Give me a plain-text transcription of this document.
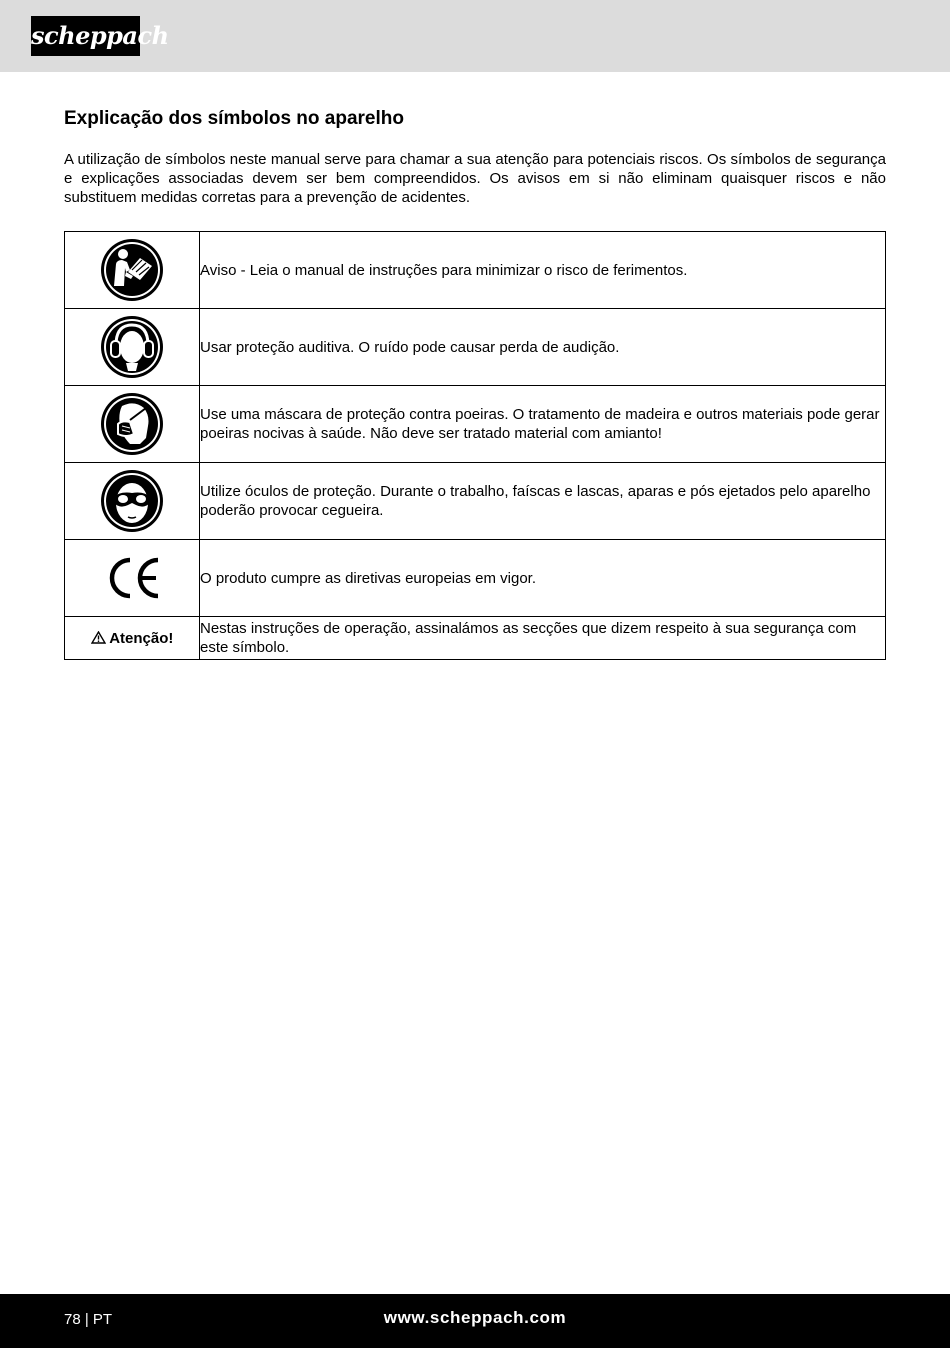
scheppach
Explicação dos símbolos no aparelho

A utilização de símbolos neste manual serve para chamar a sua atenção para potenciais riscos. Os símbolos de segurança e explicações associadas devem ser bem compreendidos. Os avisos em si não eliminam quaisquer riscos e não substituem medidas corretas para a prevenção de acidentes.

	Aviso - Leia o manual de instruções para minimizar o risco de ferimentos.
	Usar proteção auditiva. O ruído pode causar perda de audição.
	Use uma máscara de proteção contra poeiras. O tratamento de madeira e outros materiais pode gerar poeiras nocivas à saúde. Não deve ser tratado material com amianto!
	Utilize óculos de proteção. Durante o trabalho, faíscas e lascas, aparas e pós ejetados pelo aparelho poderão provocar cegueira.
	O produto cumpre as diretivas europeias em vigor.
Atenção!	Nestas instruções de operação, assinalámos as secções que dizem respeito à sua segurança com este símbolo.
78 | PT	www.scheppach.com
